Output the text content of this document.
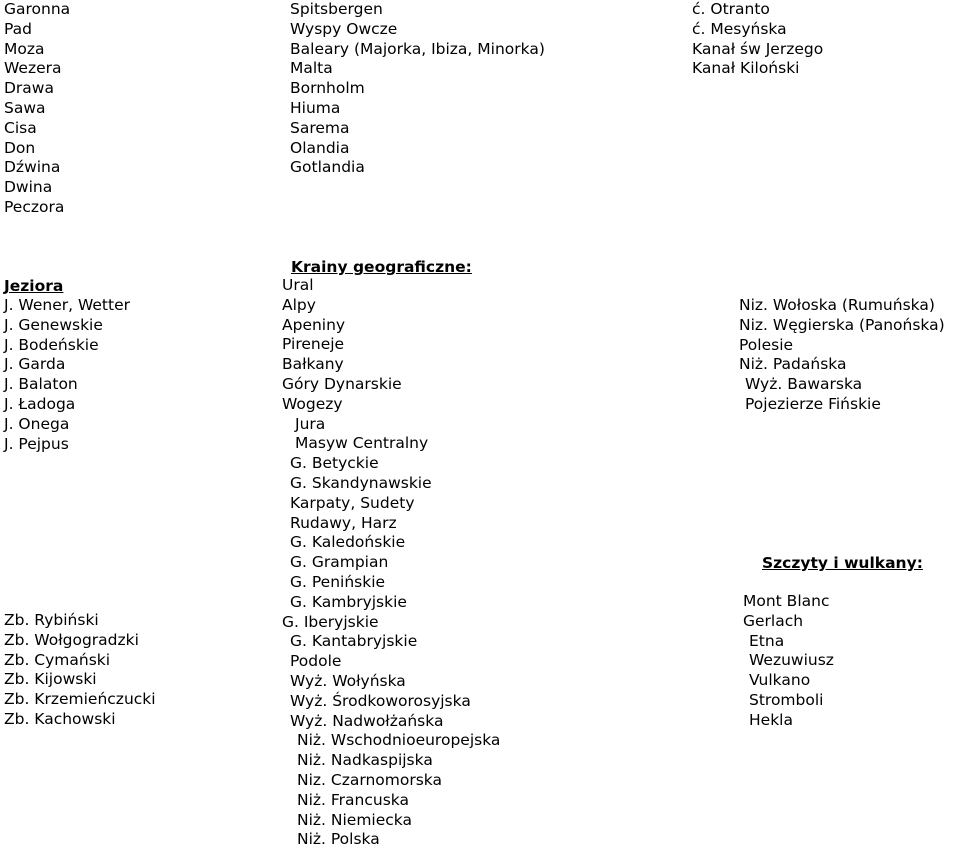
Garonna
Pad
Moza
Wezera
Drawa
Sawa
Cisa
Don
Dźwina
Dwina
Peczora
Spitsbergen
Wyspy Owcze
Baleary (Majorka, Ibiza, Minorka)
Malta
Bornholm
Hiuma
Sarema
Olandia
Gotlandia
ć. Otranto
ć. Mesyńska
Kanał św Jerzego
Kanał Kiloński
Krainy geograficzne:
Jeziora
J. Wener, Wetter
J. Genewskie
J. Bodeńskie
J. Garda
J. Balaton
J. Ładoga
J. Onega
J. Pejpus
Zb. Rybiński
Zb. Wołgogradzki
Zb. Cymański
Zb. Kijowski
Zb. Krzemieńczucki
Zb. Kachowski
Ural
Alpy
Apeniny
Pireneje
Bałkany
Góry Dynarskie
Wogezy
Jura
Masyw Centralny
G. Betyckie
G. Skandynawskie
Karpaty, Sudety
Rudawy, Harz
G. Kaledońskie
G. Grampian
G. Penińskie
G. Kambryjskie
G. Iberyjskie
G. Kantabryjskie
Podole
Wyż. Wołyńska
Wyż. Środkoworosyjska
Wyż. Nadwołżańska
Niż. Wschodnioeuropejska
Niż. Nadkaspijska
Niz. Czarnomorska
Niż. Francuska
Niż. Niemiecka
Niż. Polska
Niz. Wołoska (Rumuńska)
Niz. Węgierska (Panońska)
Polesie
Niż. Padańska
Wyż. Bawarska
Pojezierze Fińskie
Szczyty i wulkany:
Mont Blanc
Gerlach
Etna
Wezuwiusz
Vulkano
Stromboli
Hekla
